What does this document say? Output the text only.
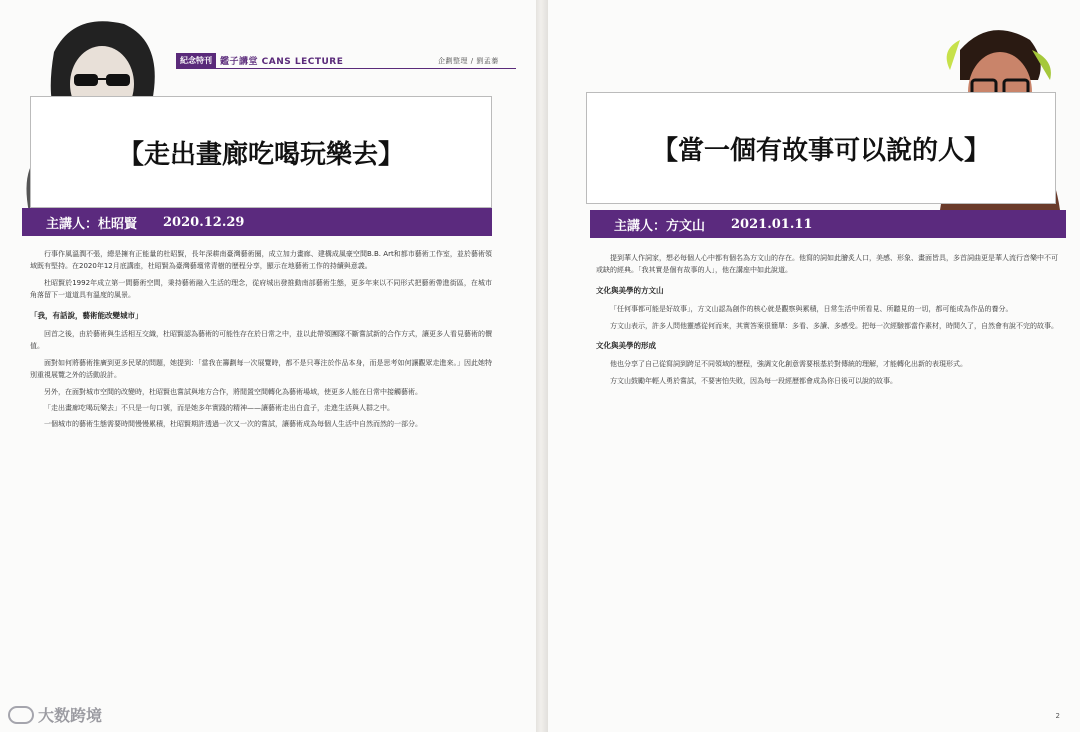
紀念特刊 鑑子講堂 CANS LECTURE
【走出畫廊吃喝玩樂去】
主講人：杜昭賢 2020.12.29

行事作風溫潤不張，總是擁有正能量的杜昭賢，長年深耕南臺灣藝術圈，成立加力畫廊、建構成風豪空間B.B. Art和都市藝術工作室，並於藝術領域既有堅持。在2020年12月底講座，杜昭賢為臺灣藝壇常青樹的歷程分享，顯示在地藝術工作的持續與意義。

杜昭賢於1992年成立第一間藝術空間，秉持藝術融入生活的理念，從府城出發推動南部藝術生態，更多年來以不同形式把藝術帶進街區，在城市角落留下一道道具有溫度的風景。

「我，有話說，藝術能改變城市」

回首之後，由於藝術與生活相互交織，杜昭賢認為藝術的可能性存在於日常之中，並以此帶領團隊不斷嘗試新的合作方式，讓更多人看見藝術的價值。

面對如何將藝術推廣到更多民眾的問題，她提到：「當我在籌劃每一次展覽時，都不是只專注於作品本身，而是思考如何讓觀眾走進來。」因此她特別重視展覽之外的活動設計。

另外，在面對城市空間的改變時，杜昭賢也嘗試與地方合作，將閒置空間轉化為藝術場域，使更多人能在日常中接觸藝術。

「走出畫廊吃喝玩樂去」不只是一句口號，而是她多年實踐的精神——讓藝術走出白盒子，走進生活與人群之中。

一個城市的藝術生態需要時間慢慢累積，杜昭賢期許透過一次又一次的嘗試，讓藝術成為每個人生活中自然而然的一部分。

大数跨境
企劃整理 / 劉孟蓁
【當一個有故事可以說的人】
主講人：方文山 2021.01.11

提到華人作詞家，想必每個人心中都有個名為方文山的存在。他寫的詞如此膾炙人口，美感、形象、畫面皆具，多首詞曲更是華人流行音樂中不可或缺的經典。「我其實是個有故事的人」，他在講座中如此說道。

文化與美學的方文山

「任何事都可能是好故事」，方文山認為創作的核心就是觀察與累積，日常生活中所看見、所聽見的一切，都可能成為作品的養分。

方文山表示，許多人問他靈感從何而來，其實答案很簡單：多看、多讀、多感受。把每一次經驗都當作素材，時間久了，自然會有說不完的故事。

文化與美學的形成

他也分享了自己從寫詞到跨足不同領域的歷程，強調文化創意需要根基於對傳統的理解，才能轉化出新的表現形式。

方文山鼓勵年輕人勇於嘗試，不要害怕失敗，因為每一段經歷都會成為你日後可以說的故事。

2
